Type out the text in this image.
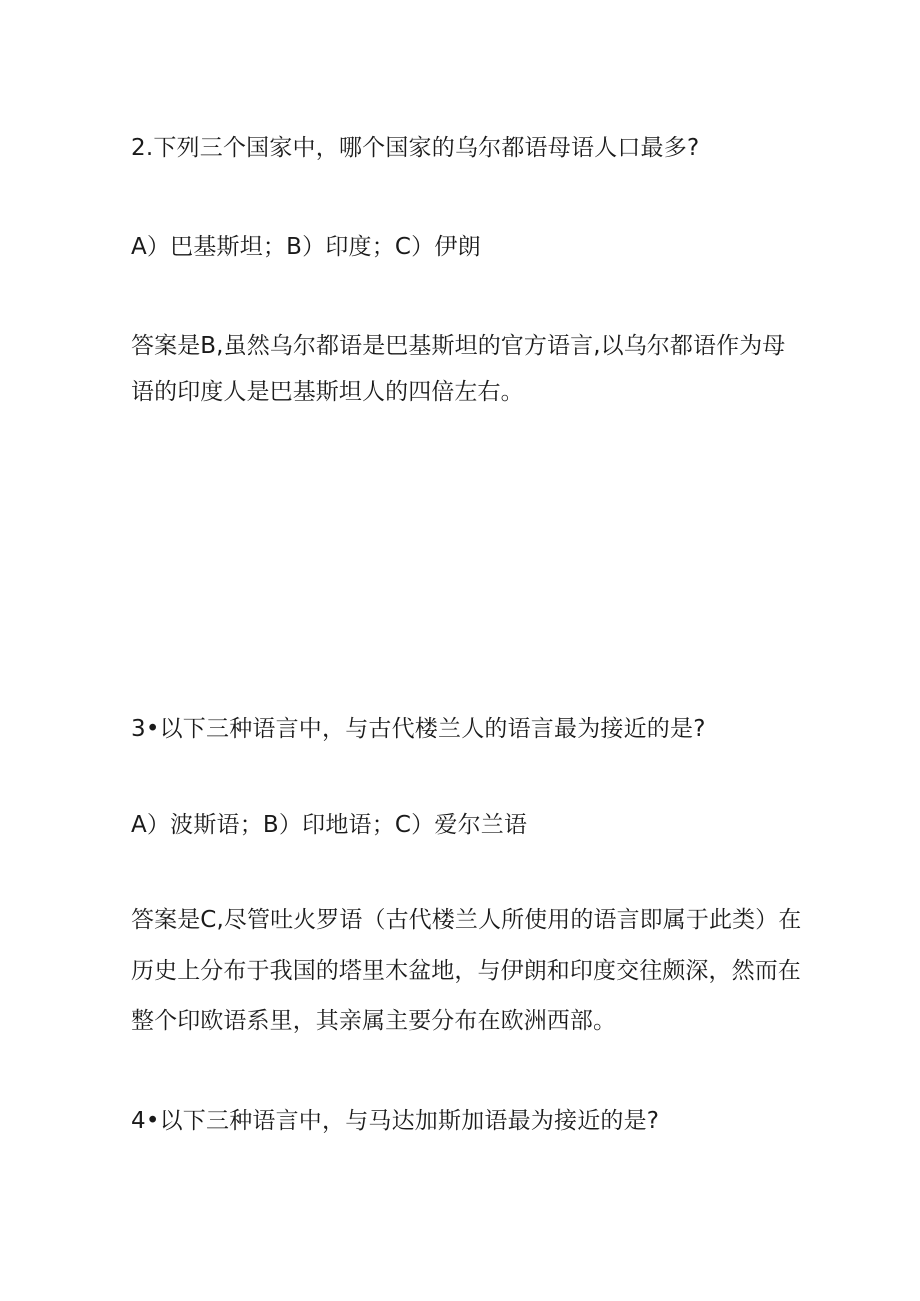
2.下列三个国家中，哪个国家的乌尔都语母语人口最多?
A）巴基斯坦；B）印度；C）伊朗
答案是B,虽然乌尔都语是巴基斯坦的官方语言,以乌尔都语作为母
语的印度人是巴基斯坦人的四倍左右。
3•以下三种语言中，与古代楼兰人的语言最为接近的是?
A）波斯语；B）印地语；C）爱尔兰语
答案是C,尽管吐火罗语（古代楼兰人所使用的语言即属于此类）在
历史上分布于我国的塔里木盆地，与伊朗和印度交往颇深，然而在
整个印欧语系里，其亲属主要分布在欧洲西部。
4•以下三种语言中，与马达加斯加语最为接近的是?
